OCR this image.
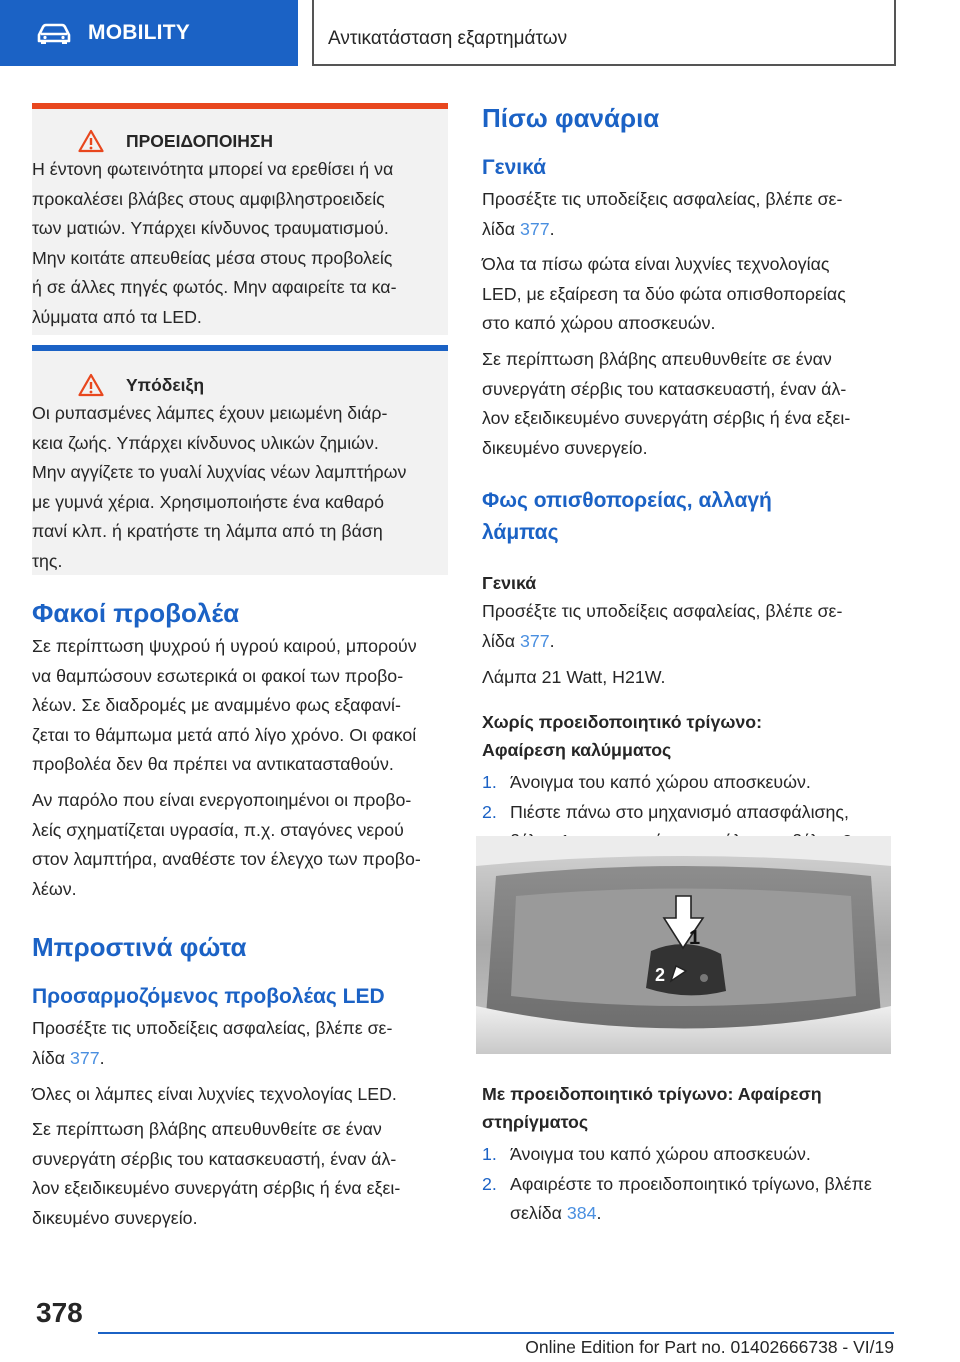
MOBILITY	Αντικατάσταση εξαρτημάτων
ΠΡΟΕΙΔΟΠΟΙΗΣΗ
Η έντονη φωτεινότητα μπορεί να ερεθίσει ή να
προκαλέσει βλάβες στους αμφιβληστροειδείς
των ματιών. Υπάρχει κίνδυνος τραυματισμού.
Μην κοιτάτε απευθείας μέσα στους προβολείς
ή σε άλλες πηγές φωτός. Μην αφαιρείτε τα κα‐
λύμματα από τα LED.
Υπόδειξη
Οι ρυπασμένες λάμπες έχουν μειωμένη διάρ‐
κεια ζωής. Υπάρχει κίνδυνος υλικών ζημιών.
Μην αγγίζετε το γυαλί λυχνίας νέων λαμπτήρων
με γυμνά χέρια. Χρησιμοποιήστε ένα καθαρό
πανί κλπ. ή κρατήστε τη λάμπα από τη βάση
της.
Φακοί προβολέα

Σε περίπτωση ψυχρού ή υγρού καιρού, μπορούν
να θαμπώσουν εσωτερικά οι φακοί των προβο‐
λέων. Σε διαδρομές με αναμμένο φως εξαφανί‐
ζεται το θάμπωμα μετά από λίγο χρόνο. Οι φακοί
προβολέα δεν θα πρέπει να αντικατασταθούν.

Αν παρόλο που είναι ενεργοποιημένοι οι προβο‐
λείς σχηματίζεται υγρασία, π.χ. σταγόνες νερού
στον λαμπτήρα, αναθέστε τον έλεγχο των προβο‐
λέων.

Μπροστινά φώτα
Προσαρμοζόμενος προβολέας LED

Προσέξτε τις υποδείξεις ασφαλείας, βλέπε σε‐
λίδα 377.

Όλες οι λάμπες είναι λυχνίες τεχνολογίας LED.

Σε περίπτωση βλάβης απευθυνθείτε σε έναν
συνεργάτη σέρβις του κατασκευαστή, έναν άλ‐
λον εξειδικευμένο συνεργάτη σέρβις ή ένα εξει‐
δικευμένο συνεργείο.

Πίσω φανάρια
Γενικά

Προσέξτε τις υποδείξεις ασφαλείας, βλέπε σε‐
λίδα 377.

Όλα τα πίσω φώτα είναι λυχνίες τεχνολογίας
LED, με εξαίρεση τα δύο φώτα οπισθοπορείας
στο καπό χώρου αποσκευών.

Σε περίπτωση βλάβης απευθυνθείτε σε έναν
συνεργάτη σέρβις του κατασκευαστή, έναν άλ‐
λον εξειδικευμένο συνεργάτη σέρβις ή ένα εξει‐
δικευμένο συνεργείο.

Φως οπισθοπορείας, αλλαγή
λάμπας
Γενικά

Προσέξτε τις υποδείξεις ασφαλείας, βλέπε σε‐
λίδα 377.

Λάμπα 21 Watt, H21W.

Χωρίς προειδοποιητικό τρίγωνο:
Αφαίρεση καλύμματος
1. Άνοιγμα του καπό χώρου αποσκευών.
2. Πιέστε πάνω στο μηχανισμό απασφάλισης,
1
2
Με προειδοποιητικό τρίγωνο: Αφαίρεση
στηρίγματος
1. Άνοιγμα του καπό χώρου αποσκευών.
2. Αφαιρέστε το προειδοποιητικό τρίγωνο, βλέπε
σελίδα 384.
378
Online Edition for Part no. 01402666738 - VI/19
